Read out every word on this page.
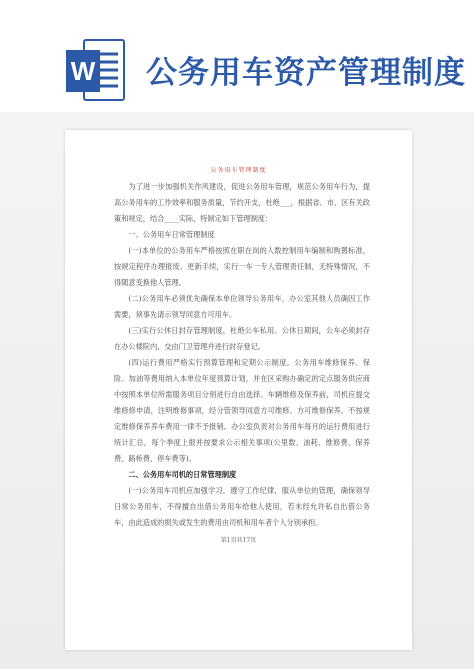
W 公务用车资产管理制度
公务用车管理制度

为了进一步加强机关作风建设，促进公务用车管理，规范公务用车行为，提高公务用车的工作效率和服务质量，节约开支，杜绝___，根据省、市、区有关政策和规定，结合____实际，特制定如下管理制度：

一、公务用车日常管理制度

(一)本单位的公务用车严格按照在职在岗的人数控制用车编制和购置标准，按规定程序办理报废、更新手续，实行一车一专人管理责任制，无特殊情况，不得随意变换他人管理。

(二)公务用车必须优先确保本单位领导公务用车，办公室其他人员确因工作需要，须事先请示领导同意方可用车。

(三)实行公休日封存管理制度，杜绝公车私用。公休日期间，公车必须封存在办公楼院内，交由门卫管理并进行封存登记。

(四)运行费用严格实行预算管理和定期公示制度。公务用车维修保养、保险、加油等费用纳入本单位年度预算计划，并在区采购办确定的定点服务供应商中按照本单位所需服务项目分别进行自由选择。车辆维修及保养前，司机应提交维修修申请，注明维修事项，经分管领导同意方可维修。方可维修保养。不按规定维修保养养车费用一律不予报销。办公室负责对公务用车每月的运行费用进行统计汇总，每个季度上报并按要求公示相关事项(公里数、油耗、维修费、保养费、路桥费、停车费等)。

二、公务用车司机的日常管理制度

(一)公务用车司机应加强学习，遵守工作纪律，服从单位的管理，确保领导日常公务用车，不得擅自出借公务用车给他人使用，若未经允许私自出借公务车，由此造成的损失或发生的费用由司机和用车者个人分别承担。

第1页共17页
